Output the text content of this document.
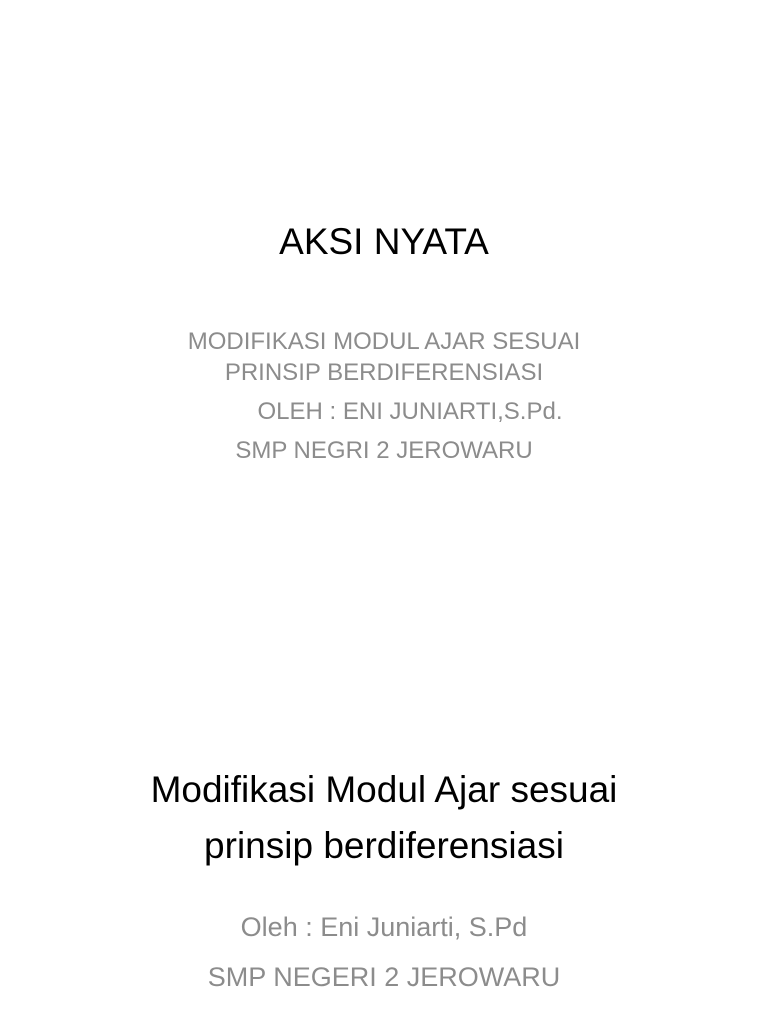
AKSI NYATA
MODIFIKASI MODUL AJAR SESUAI
PRINSIP BERDIFERENSIASI
OLEH : ENI JUNIARTI,S.Pd.
SMP NEGRI 2 JEROWARU
Modifikasi Modul Ajar sesuai
prinsip berdiferensiasi
Oleh : Eni Juniarti, S.Pd
SMP NEGERI 2 JEROWARU
